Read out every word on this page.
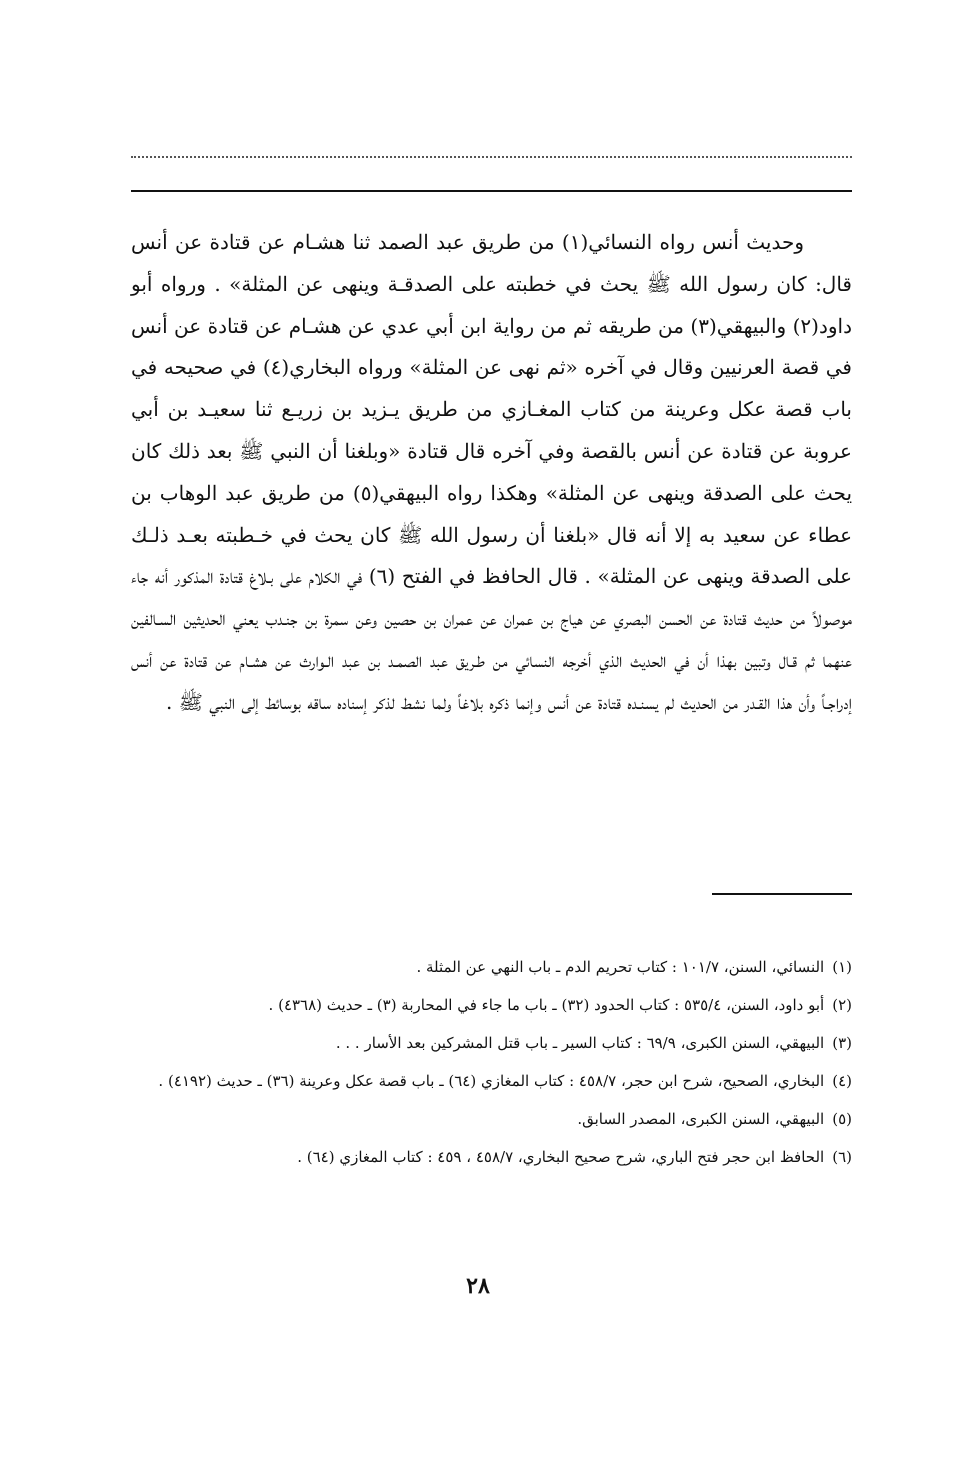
وحديث أنس رواه النسائي(١) من طريق عبد الصمد ثنا هشـام عن قتادة عن أنس قال: كان رسول الله ﷺ يحث في خطبته على الصدقـة وينهى عن المثلة» . ورواه أبو داود(٢) والبيهقي(٣) من طريقه ثم من رواية ابن أبي عدي عن هشـام عن قتادة عن أنس في قصة العرنيين وقال في آخره «ثم نهى عن المثلة» ورواه البخاري(٤) في صحيحه في باب قصة عكل وعرينة من كتاب المغـازي من طريق يـزيد بن زريـع ثنا سعيـد بن أبي عروبة عن قتادة عن أنس بالقصة وفي آخره قال قتادة «وبلغنا أن النبي ﷺ بعد ذلك كان يحث على الصدقة وينهى عن المثلة» وهكذا رواه البيهقي(٥) من طريق عبد الوهاب بن عطاء عن سعيد به إلا أنه قال «بلغنا أن رسول الله ﷺ كان يحث في خـطبته بعـد ذلـك على الصدقة وينهى عن المثلة» . قال الحافظ في الفتح (٦) في الكلام على بـلاغ قتادة المذكور أنه جاء موصولاً من حديث قتادة عن الحسن البصري عن هياج بن عمران عن عمران بن حصين وعن سمرة بن جنـدب يعني الحديثين السـالفين عنهما ثم قـال وتبين بهذا أن في الحديث الذي أخرجه النسائي من طـريق عبد الصمـد بن عبد الـوارث عن هشـام عن قتادة عن أنس إدراجـاً وأن هذا القـدر من الحديث لم يسنـده قتادة عن أنس وإنما ذكره بلاغاً ولما نشط لذكر إسناده ساقه بوسائط إلى النبي ﷺ .

(١)النسائي، السنن، ١٠١/٧ : كتاب تحريم الدم ـ باب النهي عن المثلة .
(٢)أبو داود، السنن، ٥٣٥/٤ : كتاب الحدود (٣٢) ـ باب ما جاء في المحاربة (٣) ـ حديث (٤٣٦٨) .
(٣)البيهقي، السنن الكبرى، ٦٩/٩ : كتاب السير ـ باب قتل المشركين بعد الأسار . . .
(٤)البخاري، الصحيح، شرح ابن حجر، ٤٥٨/٧ : كتاب المغازي (٦٤) ـ باب قصة عكل وعرينة (٣٦) ـ حديث (٤١٩٢) .
(٥)البيهقي، السنن الكبرى، المصدر السابق.
(٦)الحافظ ابن حجر فتح الباري، شرح صحيح البخاري، ٤٥٨/٧ ، ٤٥٩ : كتاب المغازي (٦٤) .
٢٨
